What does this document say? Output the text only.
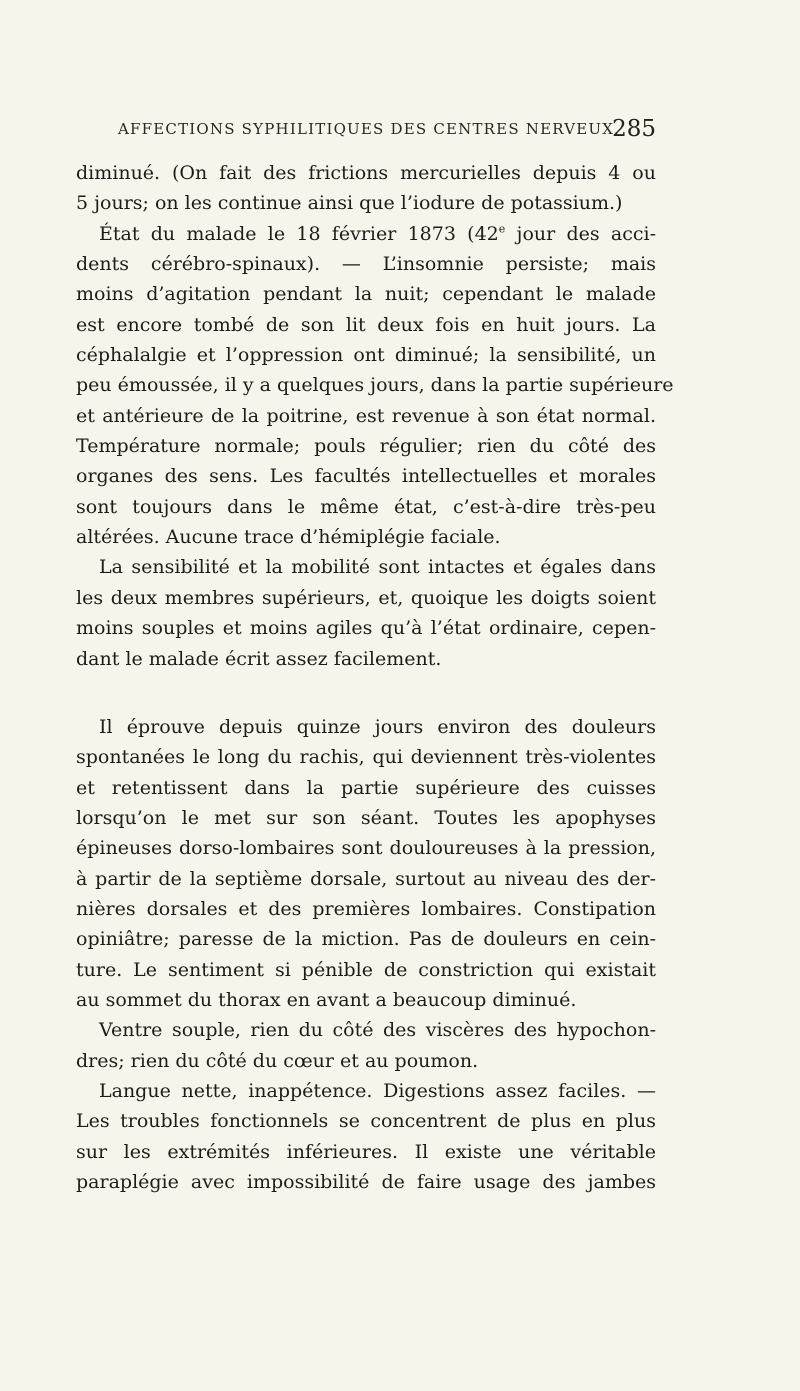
AFFECTIONS SYPHILITIQUES DES CENTRES NERVEUX.
285
diminué. (On fait des frictions mercurielles depuis 4 ou
5 jours; on les continue ainsi que l’iodure de potassium.)
État du malade le 18 février 1873 (42e jour des acci-
dents cérébro-spinaux). — L’insomnie persiste; mais
moins d’agitation pendant la nuit; cependant le malade
est encore tombé de son lit deux fois en huit jours. La
céphalalgie et l’oppression ont diminué; la sensibilité, un
peu émoussée, il y a quelques jours, dans la partie supérieure
et antérieure de la poitrine, est revenue à son état normal.
Température normale; pouls régulier; rien du côté des
organes des sens. Les facultés intellectuelles et morales
sont toujours dans le même état, c’est-à-dire très-peu
altérées. Aucune trace d’hémiplégie faciale.
La sensibilité et la mobilité sont intactes et égales dans
les deux membres supérieurs, et, quoique les doigts soient
moins souples et moins agiles qu’à l’état ordinaire, cepen-
dant le malade écrit assez facilement.
Il éprouve depuis quinze jours environ des douleurs
spontanées le long du rachis, qui deviennent très-violentes
et retentissent dans la partie supérieure des cuisses
lorsqu’on le met sur son séant. Toutes les apophyses
épineuses dorso-lombaires sont douloureuses à la pression,
à partir de la septième dorsale, surtout au niveau des der-
nières dorsales et des premières lombaires. Constipation
opiniâtre; paresse de la miction. Pas de douleurs en cein-
ture. Le sentiment si pénible de constriction qui existait
au sommet du thorax en avant a beaucoup diminué.
Ventre souple, rien du côté des viscères des hypochon-
dres; rien du côté du cœur et au poumon.
Langue nette, inappétence. Digestions assez faciles. —
Les troubles fonctionnels se concentrent de plus en plus
sur les extrémités inférieures. Il existe une véritable
paraplégie avec impossibilité de faire usage des jambes
